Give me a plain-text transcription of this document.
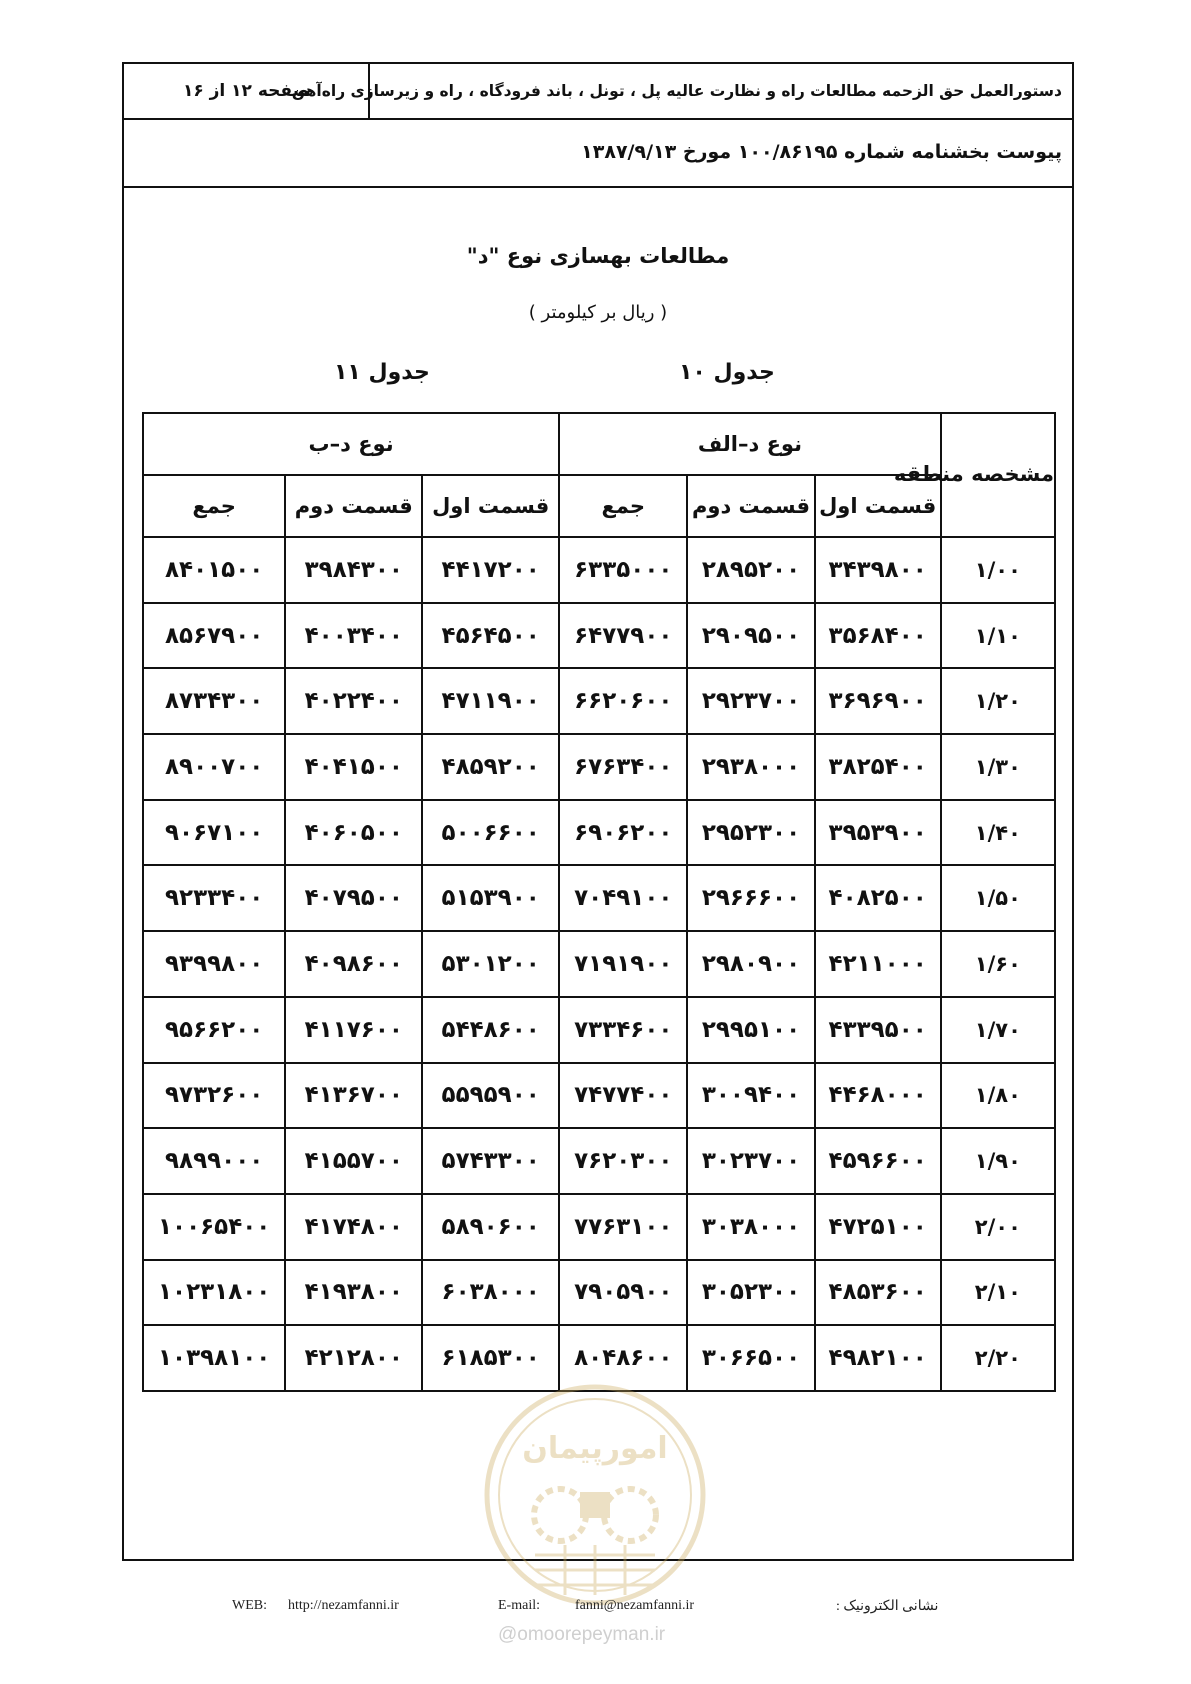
دستورالعمل حق الزحمه مطالعات راه و نظارت عالیه پل ، تونل ، باند فرودگاه ، راه و زیرسازی راه‌آهن
صفحه ۱۲ از ۱۶
پیوست بخشنامه شماره ۱۰۰/۸۶۱۹۵ مورخ ۱۳۸۷/۹/۱۳
مطالعات بهسازی نوع "د"
( ریال بر کیلومتر )
جدول ۱۰
جدول ۱۱
مشخصه منطقه	نوع د–الف			نوع د–ب		
	قسمت اول	قسمت دوم	جمع	قسمت اول	قسمت دوم	جمع
۱/۰۰	۳۴۳۹۸۰۰	۲۸۹۵۲۰۰	۶۳۳۵۰۰۰	۴۴۱۷۲۰۰	۳۹۸۴۳۰۰	۸۴۰۱۵۰۰
۱/۱۰	۳۵۶۸۴۰۰	۲۹۰۹۵۰۰	۶۴۷۷۹۰۰	۴۵۶۴۵۰۰	۴۰۰۳۴۰۰	۸۵۶۷۹۰۰
۱/۲۰	۳۶۹۶۹۰۰	۲۹۲۳۷۰۰	۶۶۲۰۶۰۰	۴۷۱۱۹۰۰	۴۰۲۲۴۰۰	۸۷۳۴۳۰۰
۱/۳۰	۳۸۲۵۴۰۰	۲۹۳۸۰۰۰	۶۷۶۳۴۰۰	۴۸۵۹۲۰۰	۴۰۴۱۵۰۰	۸۹۰۰۷۰۰
۱/۴۰	۳۹۵۳۹۰۰	۲۹۵۲۳۰۰	۶۹۰۶۲۰۰	۵۰۰۶۶۰۰	۴۰۶۰۵۰۰	۹۰۶۷۱۰۰
۱/۵۰	۴۰۸۲۵۰۰	۲۹۶۶۶۰۰	۷۰۴۹۱۰۰	۵۱۵۳۹۰۰	۴۰۷۹۵۰۰	۹۲۳۳۴۰۰
۱/۶۰	۴۲۱۱۰۰۰	۲۹۸۰۹۰۰	۷۱۹۱۹۰۰	۵۳۰۱۲۰۰	۴۰۹۸۶۰۰	۹۳۹۹۸۰۰
۱/۷۰	۴۳۳۹۵۰۰	۲۹۹۵۱۰۰	۷۳۳۴۶۰۰	۵۴۴۸۶۰۰	۴۱۱۷۶۰۰	۹۵۶۶۲۰۰
۱/۸۰	۴۴۶۸۰۰۰	۳۰۰۹۴۰۰	۷۴۷۷۴۰۰	۵۵۹۵۹۰۰	۴۱۳۶۷۰۰	۹۷۳۲۶۰۰
۱/۹۰	۴۵۹۶۶۰۰	۳۰۲۳۷۰۰	۷۶۲۰۳۰۰	۵۷۴۳۳۰۰	۴۱۵۵۷۰۰	۹۸۹۹۰۰۰
۲/۰۰	۴۷۲۵۱۰۰	۳۰۳۸۰۰۰	۷۷۶۳۱۰۰	۵۸۹۰۶۰۰	۴۱۷۴۸۰۰	۱۰۰۶۵۴۰۰
۲/۱۰	۴۸۵۳۶۰۰	۳۰۵۲۳۰۰	۷۹۰۵۹۰۰	۶۰۳۸۰۰۰	۴۱۹۳۸۰۰	۱۰۲۳۱۸۰۰
۲/۲۰	۴۹۸۲۱۰۰	۳۰۶۶۵۰۰	۸۰۴۸۶۰۰	۶۱۸۵۳۰۰	۴۲۱۲۸۰۰	۱۰۳۹۸۱۰۰
امورپیمان
WEB: http://nezamfanni.ir	E-mail:	fanni@nezamfanni.ir	نشانی الکترونیک :
@omoorepeyman.ir
